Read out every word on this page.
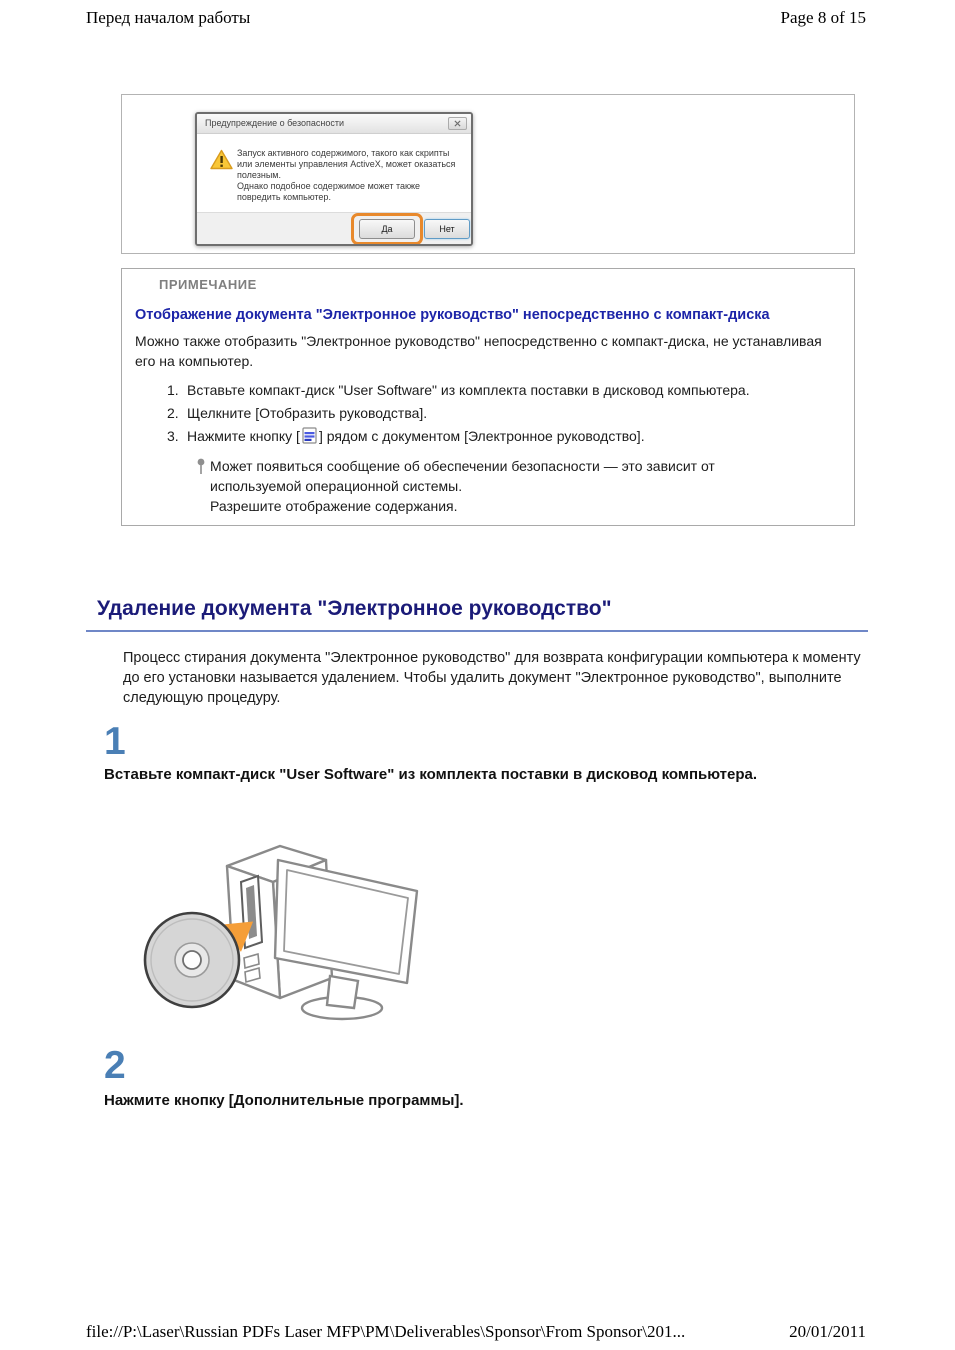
Перед началом работы	Page 8 of 15
Предупреждение о безопасности
Запуск активного содержимого, такого как скрипты или элементы управления ActiveX, может оказаться полезным.
Однако подобное содержимое может также повредить компьютер.
Да	Нет
ПРИМЕЧАНИЕ
Отображение документа "Электронное руководство" непосредственно с компакт-диска
Можно также отобразить "Электронное руководство" непосредственно с компакт-диска, не устанавливая его на компьютер.
1. Вставьте компакт-диск "User Software" из комплекта поставки в дисковод компьютера.
2. Щелкните [Отобразить руководства].
3. Нажмите кнопку [ ] рядом с документом [Электронное руководство].
Может появиться сообщение об обеспечении безопасности — это зависит от используемой операционной системы.
Разрешите отображение содержания.
Удаление документа "Электронное руководство"
Процесс стирания документа "Электронное руководство" для возврата конфигурации компьютера к моменту до его установки называется удалением. Чтобы удалить документ "Электронное руководство", выполните следующую процедуру.
1
Вставьте компакт-диск "User Software" из комплекта поставки в дисковод компьютера.
2
Нажмите кнопку [Дополнительные программы].
file://P:\Laser\Russian PDFs Laser MFP\PM\Deliverables\Sponsor\From Sponsor\201...	20/01/2011
